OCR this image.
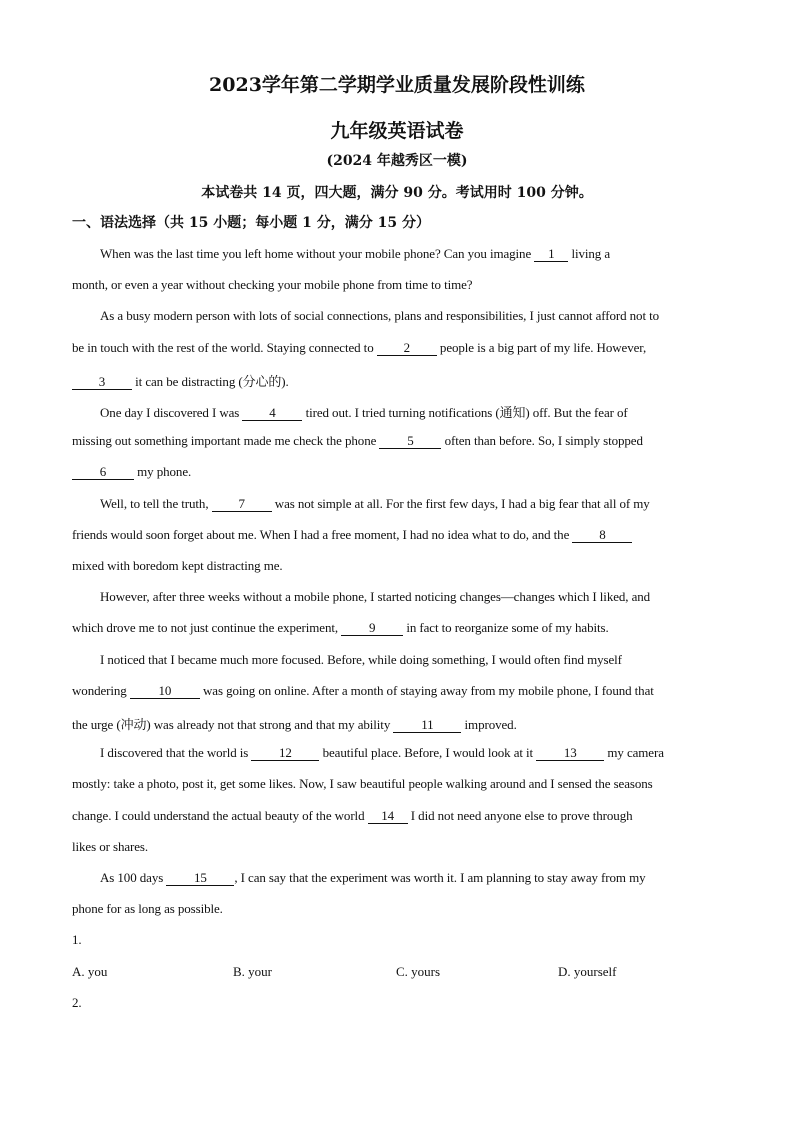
2023学年第二学期学业质量发展阶段性训练
九年级英语试卷
(2024 年越秀区一模)
本试卷共 14 页，四大题，满分 90 分。考试用时 100 分钟。
一、语法选择（共 15 小题；每小题 1 分，满分 15 分）
When was the last time you left home without your mobile phone? Can you imagine 1 living a
month, or even a year without checking your mobile phone from time to time?
As a busy modern person with lots of social connections, plans and responsibilities, I just cannot afford not to
be in touch with the rest of the world. Staying connected to 2 people is a big part of my life. However,
3 it can be distracting (分心的).
One day I discovered I was 4 tired out. I tried turning notifications (通知) off. But the fear of
missing out something important made me check the phone 5 often than before. So, I simply stopped
6 my phone.
Well, to tell the truth, 7 was not simple at all. For the first few days, I had a big fear that all of my
friends would soon forget about me. When I had a free moment, I had no idea what to do, and the 8
mixed with boredom kept distracting me.
However, after three weeks without a mobile phone, I started noticing changes—changes which I liked, and
which drove me to not just continue the experiment, 9 in fact to reorganize some of my habits.
I noticed that I became much more focused. Before, while doing something, I would often find myself
wondering 10 was going on online. After a month of staying away from my mobile phone, I found that
the urge (冲动) was already not that strong and that my ability 11 improved.
I discovered that the world is 12 beautiful place. Before, I would look at it 13 my camera
mostly: take a photo, post it, get some likes. Now, I saw beautiful people walking around and I sensed the seasons
change. I could understand the actual beauty of the world 14 I did not need anyone else to prove through
likes or shares.
As 100 days 15 , I can say that the experiment was worth it. I am planning to stay away from my
phone for as long as possible.
1.
A. you	B. your	C. yours	D. yourself
2.
